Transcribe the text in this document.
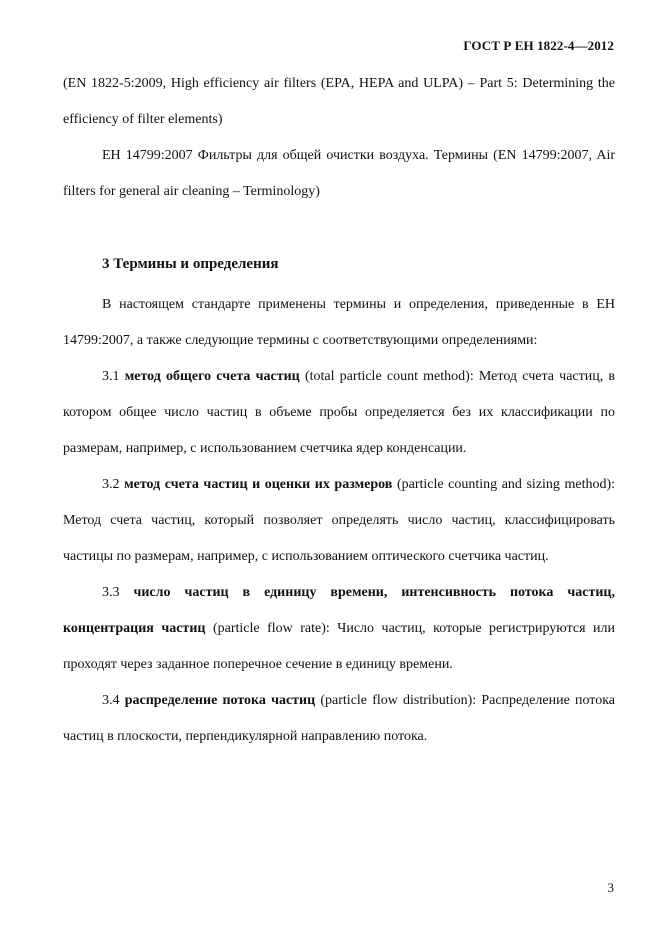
ГОСТ Р ЕН 1822-4—2012

(EN 1822-5:2009, High efficiency air filters (EPA, HEPA and ULPA) – Part 5: Determining the efficiency of filter elements)

ЕН 14799:2007 Фильтры для общей очистки воздуха. Термины (EN 14799:2007, Air filters for general air cleaning – Terminology)

3 Термины и определения

В настоящем стандарте применены термины и определения, приведенные в ЕН 14799:2007, а также следующие термины с соответствующими определениями:

3.1 метод общего счета частиц (total particle count method): Метод счета частиц, в котором общее число частиц в объеме пробы определяется без их классификации по размерам, например, с использованием счетчика ядер конденсации.

3.2 метод счета частиц и оценки их размеров (particle counting and sizing method): Метод счета частиц, который позволяет определять число частиц, классифицировать частицы по размерам, например, с использованием оптического счетчика частиц.

3.3 число частиц в единицу времени, интенсивность потока частиц, концентрация частиц (particle flow rate): Число частиц, которые регистрируются или проходят через заданное поперечное сечение в единицу времени.

3.4 распределение потока частиц (particle flow distribution): Распределение потока частиц в плоскости, перпендикулярной направлению потока.

3
